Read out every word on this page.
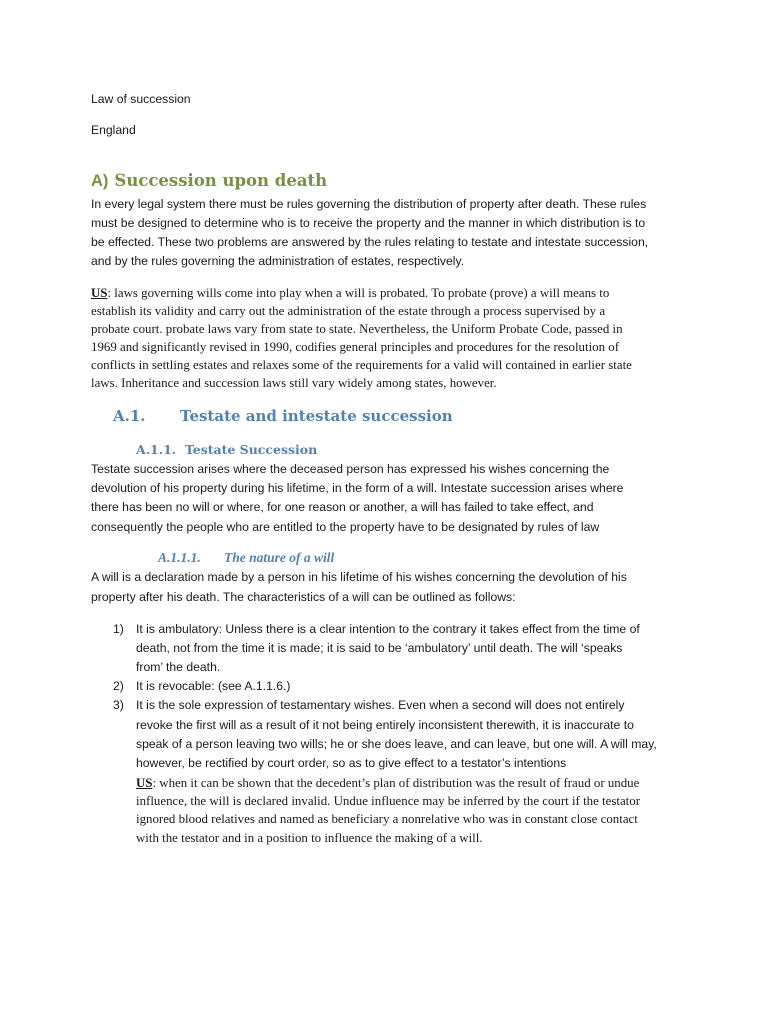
Law of succession
England
A) Succession upon death
In every legal system there must be rules governing the distribution of property after death. These rules
must be designed to determine who is to receive the property and the manner in which distribution is to
be effected. These two problems are answered by the rules relating to testate and intestate succession,
and by the rules governing the administration of estates, respectively.
US: laws governing wills come into play when a will is probated. To probate (prove) a will means to
establish its validity and carry out the administration of the estate through a process supervised by a
probate court. probate laws vary from state to state. Nevertheless, the Uniform Probate Code, passed in
1969 and significantly revised in 1990, codifies general principles and procedures for the resolution of
conflicts in settling estates and relaxes some of the requirements for a valid will contained in earlier state
laws. Inheritance and succession laws still vary widely among states, however.
A.1. Testate and intestate succession
A.1.1. Testate Succession
Testate succession arises where the deceased person has expressed his wishes concerning the
devolution of his property during his lifetime, in the form of a will. Intestate succession arises where
there has been no will or where, for one reason or another, a will has failed to take effect, and
consequently the people who are entitled to the property have to be designated by rules of law
A.1.1.1. The nature of a will
A will is a declaration made by a person in his lifetime of his wishes concerning the devolution of his
property after his death. The characteristics of a will can be outlined as follows:
1) It is ambulatory: Unless there is a clear intention to the contrary it takes effect from the time of
death, not from the time it is made; it is said to be ‘ambulatory’ until death. The will ‘speaks
from’ the death.
2) It is revocable: (see A.1.1.6.)
3) It is the sole expression of testamentary wishes. Even when a second will does not entirely
revoke the first will as a result of it not being entirely inconsistent therewith, it is inaccurate to
speak of a person leaving two wills; he or she does leave, and can leave, but one will. A will may,
however, be rectified by court order, so as to give effect to a testator’s intentions
US: when it can be shown that the decedent’s plan of distribution was the result of fraud or undue
influence, the will is declared invalid. Undue influence may be inferred by the court if the testator
ignored blood relatives and named as beneficiary a nonrelative who was in constant close contact
with the testator and in a position to influence the making of a will.
